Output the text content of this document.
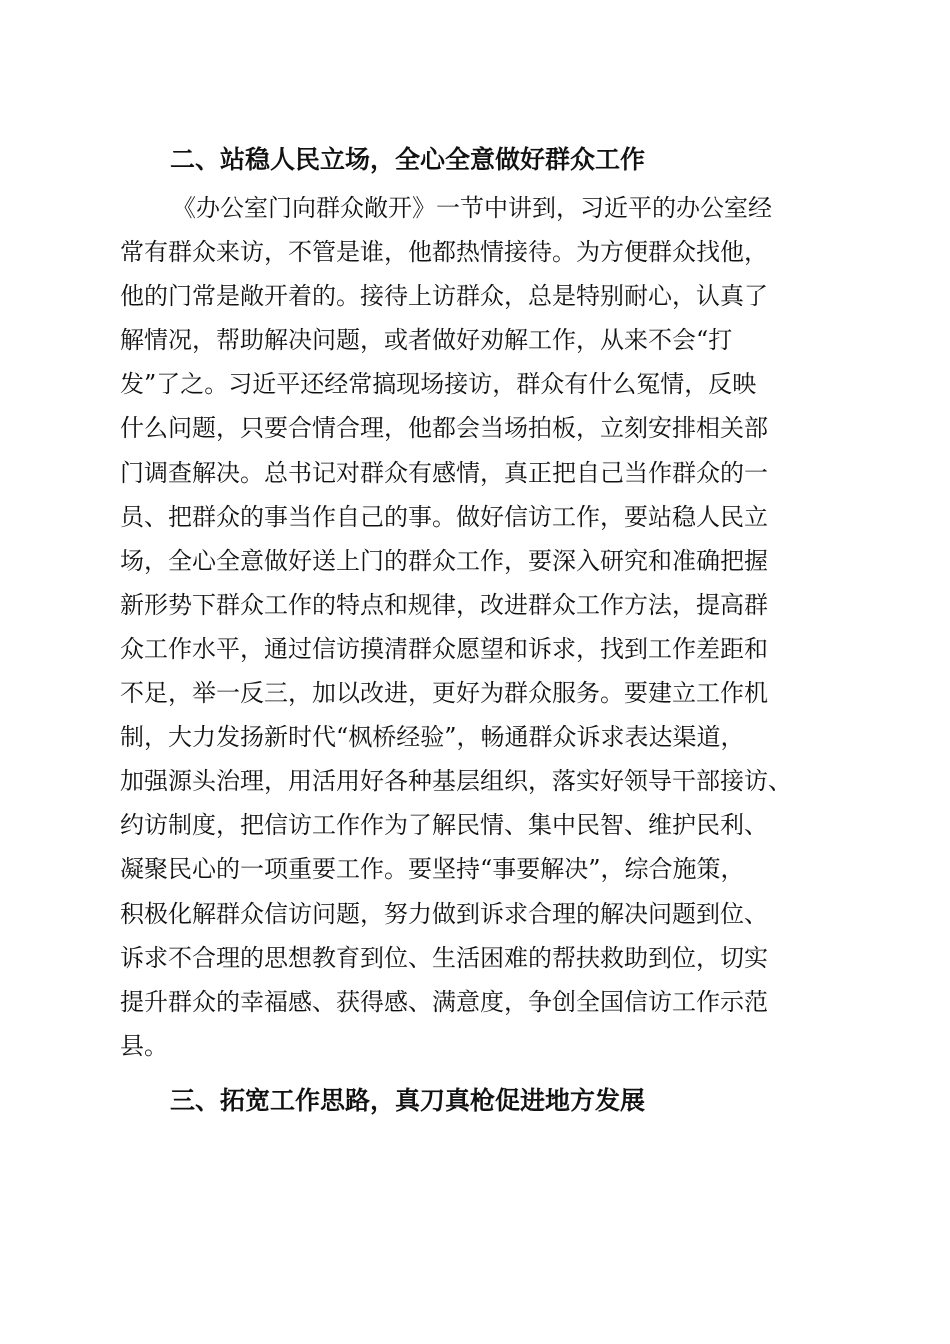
二、站稳人民立场，全心全意做好群众工作
《办公室门向群众敞开》一节中讲到，习近平的办公室经
常有群众来访，不管是谁，他都热情接待。为方便群众找他，
他的门常是敞开着的。接待上访群众，总是特别耐心，认真了
解情况，帮助解决问题，或者做好劝解工作，从来不会“打
发”了之。习近平还经常搞现场接访，群众有什么冤情，反映
什么问题，只要合情合理，他都会当场拍板，立刻安排相关部
门调查解决。总书记对群众有感情，真正把自己当作群众的一
员、把群众的事当作自己的事。做好信访工作，要站稳人民立
场，全心全意做好送上门的群众工作，要深入研究和准确把握
新形势下群众工作的特点和规律，改进群众工作方法，提高群
众工作水平，通过信访摸清群众愿望和诉求，找到工作差距和
不足，举一反三，加以改进，更好为群众服务。要建立工作机
制，大力发扬新时代“枫桥经验”，畅通群众诉求表达渠道，
加强源头治理，用活用好各种基层组织，落实好领导干部接访、
约访制度，把信访工作作为了解民情、集中民智、维护民利、
凝聚民心的一项重要工作。要坚持“事要解决”，综合施策，
积极化解群众信访问题，努力做到诉求合理的解决问题到位、
诉求不合理的思想教育到位、生活困难的帮扶救助到位，切实
提升群众的幸福感、获得感、满意度，争创全国信访工作示范
县。
三、拓宽工作思路，真刀真枪促进地方发展
